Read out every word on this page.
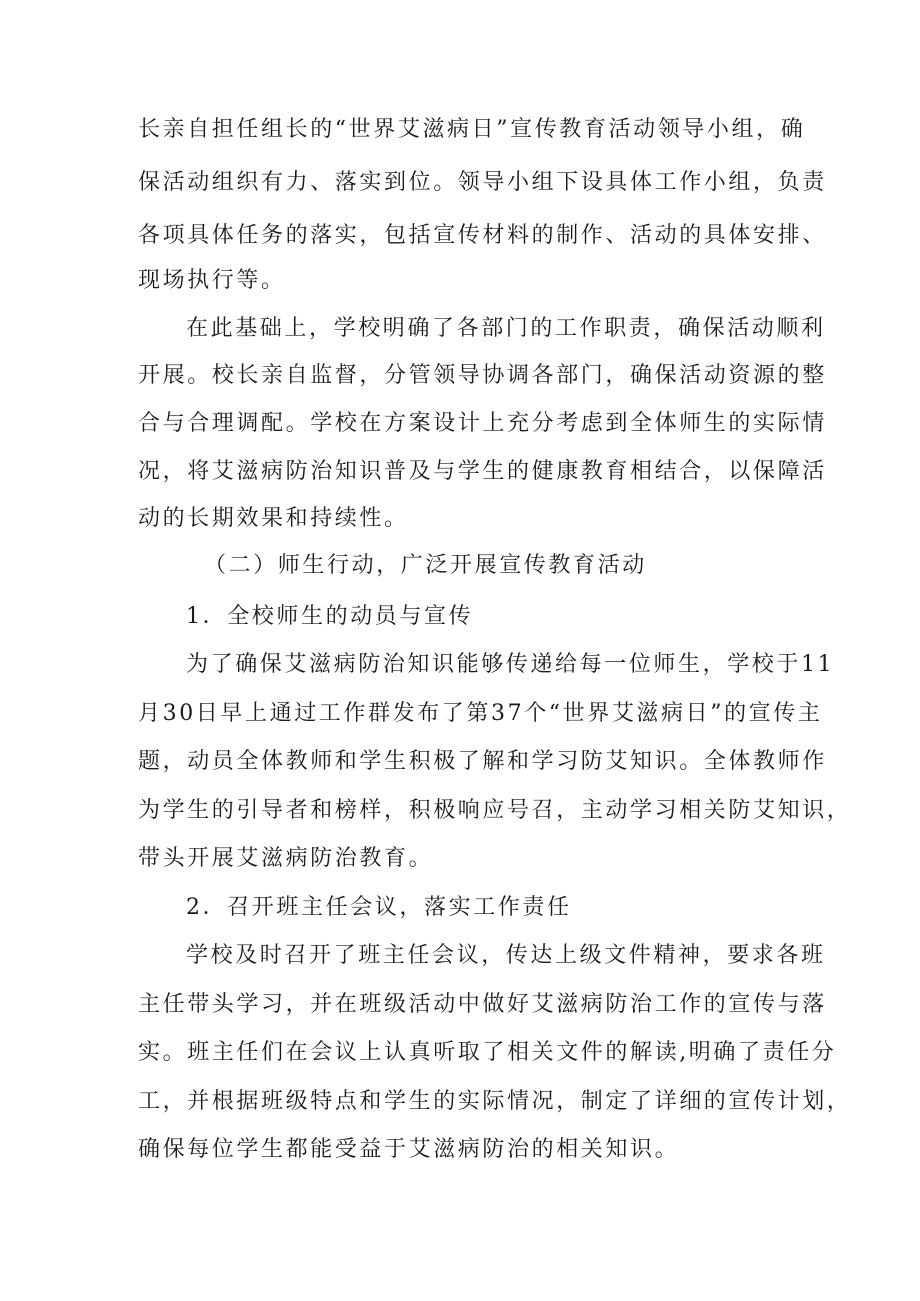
长亲自担任组长的“世界艾滋病日”宣传教育活动领导小组，确
保活动组织有力、落实到位。领导小组下设具体工作小组，负责
各项具体任务的落实，包括宣传材料的制作、活动的具体安排、
现场执行等。
在此基础上，学校明确了各部门的工作职责，确保活动顺利
开展。校长亲自监督，分管领导协调各部门，确保活动资源的整
合与合理调配。学校在方案设计上充分考虑到全体师生的实际情
况，将艾滋病防治知识普及与学生的健康教育相结合，以保障活
动的长期效果和持续性。
（二）师生行动，广泛开展宣传教育活动
1．全校师生的动员与宣传
为了确保艾滋病防治知识能够传递给每一位师生，学校于11
月30日早上通过工作群发布了第37个“世界艾滋病日”的宣传主
题，动员全体教师和学生积极了解和学习防艾知识。全体教师作
为学生的引导者和榜样，积极响应号召，主动学习相关防艾知识，
带头开展艾滋病防治教育。
2．召开班主任会议，落实工作责任
学校及时召开了班主任会议，传达上级文件精神，要求各班
主任带头学习，并在班级活动中做好艾滋病防治工作的宣传与落
实。班主任们在会议上认真听取了相关文件的解读,明确了责任分
工，并根据班级特点和学生的实际情况，制定了详细的宣传计划，
确保每位学生都能受益于艾滋病防治的相关知识。
